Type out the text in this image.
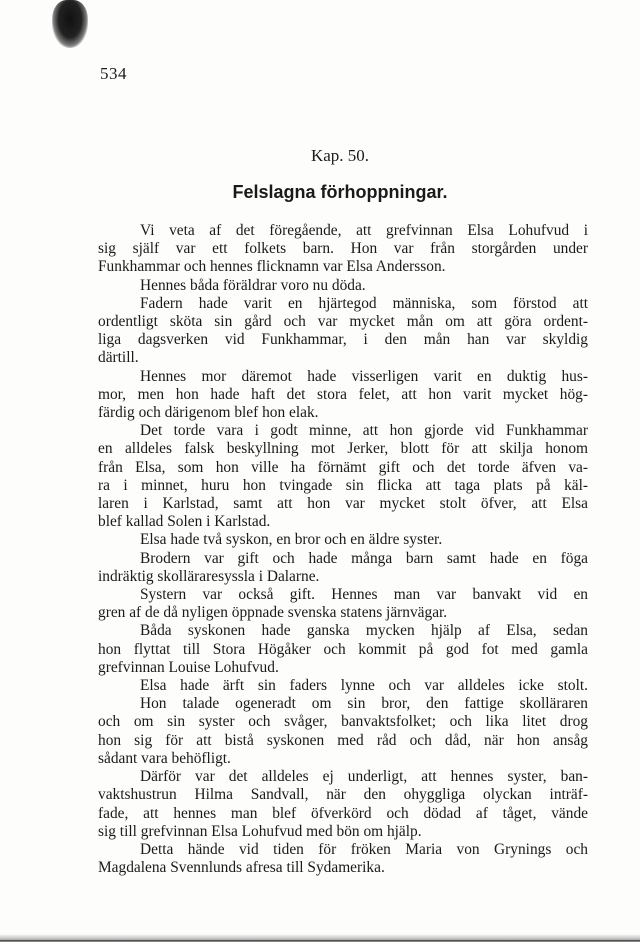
534
Kap. 50.
Felslagna förhoppningar.
Vi veta af det föregående, att grefvinnan Elsa Lohufvud i
sig själf var ett folkets barn. Hon var från storgården under
Funkhammar och hennes flicknamn var Elsa Andersson.
Hennes båda föräldrar voro nu döda.
Fadern hade varit en hjärtegod människa, som förstod att
ordentligt sköta sin gård och var mycket mån om att göra ordent-
liga dagsverken vid Funkhammar, i den mån han var skyldig
därtill.
Hennes mor däremot hade visserligen varit en duktig hus-
mor, men hon hade haft det stora felet, att hon varit mycket hög-
färdig och därigenom blef hon elak.
Det torde vara i godt minne, att hon gjorde vid Funkhammar
en alldeles falsk beskyllning mot Jerker, blott för att skilja honom
från Elsa, som hon ville ha förnämt gift och det torde äfven va-
ra i minnet, huru hon tvingade sin flicka att taga plats på käl-
laren i Karlstad, samt att hon var mycket stolt öfver, att Elsa
blef kallad Solen i Karlstad.
Elsa hade två syskon, en bror och en äldre syster.
Brodern var gift och hade många barn samt hade en föga
indräktig skolläraresyssla i Dalarne.
Systern var också gift. Hennes man var banvakt vid en
gren af de då nyligen öppnade svenska statens järnvägar.
Båda syskonen hade ganska mycken hjälp af Elsa, sedan
hon flyttat till Stora Högåker och kommit på god fot med gamla
grefvinnan Louise Lohufvud.
Elsa hade ärft sin faders lynne och var alldeles icke stolt.
Hon talade ogeneradt om sin bror, den fattige skolläraren
och om sin syster och svåger, banvaktsfolket; och lika litet drog
hon sig för att bistå syskonen med råd och dåd, när hon ansåg
sådant vara behöfligt.
Därför var det alldeles ej underligt, att hennes syster, ban-
vaktshustrun Hilma Sandvall, när den ohyggliga olyckan inträf-
fade, att hennes man blef öfverkörd och dödad af tåget, vände
sig till grefvinnan Elsa Lohufvud med bön om hjälp.
Detta hände vid tiden för fröken Maria von Grynings och
Magdalena Svennlunds afresa till Sydamerika.
